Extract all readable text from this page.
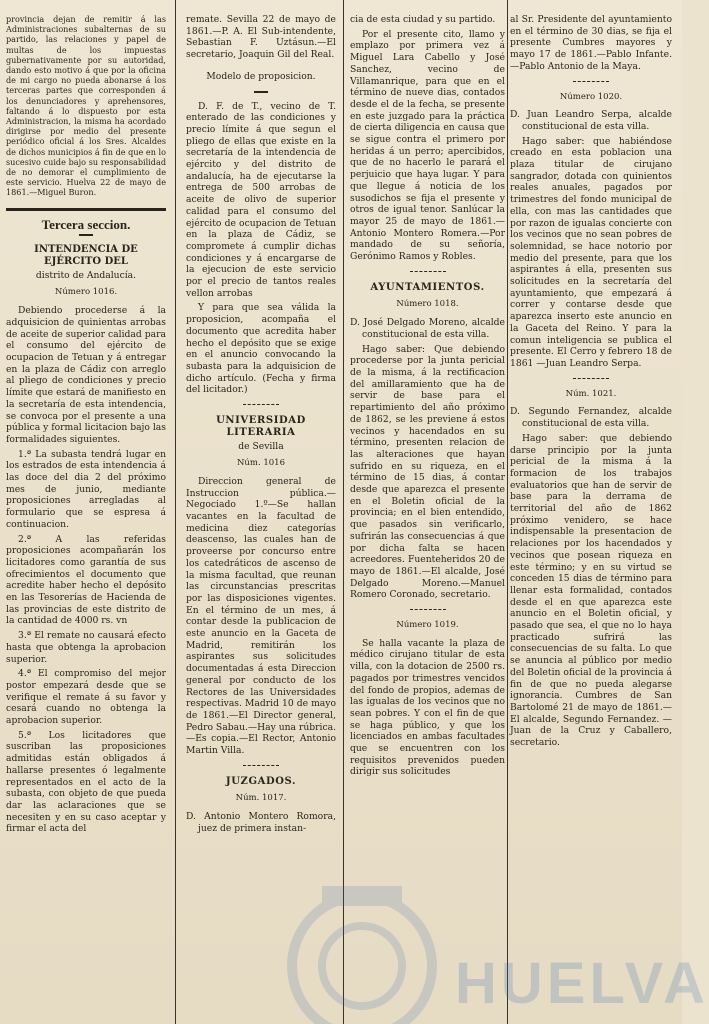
provincia dejan de remitir á las Administraciones subalternas de su partido, las relaciones y papel de multas de los impuestas gubernativamente por su autoridad, dando esto motivo á que por la oficina de mi cargo no pueda abonarse á los terceras partes que corresponden á los denunciadores y aprehensores, faltando á lo dispuesto por esta Administracion, la misma ha acordado dirigirse por medio del presente periódico oficial á los Sres. Alcaldes de dichos municipios á fin de que en lo sucesivo cuide bajo su responsabilidad de no demorar el cumplimiento de este servicio. Huelva 22 de mayo de 1861.—Miguel Buron.

Tercera seccion.
INTENDENCIA DE EJÉRCITO DEL
distrito de Andalucía.
Número 1016.

Debiendo procederse á la adquisicion de quinientas arrobas de aceite de superior calidad para el consumo del ejército de ocupacion de Tetuan y á entregar en la plaza de Cádiz con arreglo al pliego de condiciones y precio límite que estará de manifiesto en la secretaría de esta intendencia, se convoca por el presente a una pública y formal licitacion bajo las formalidades siguientes.

1.ª La subasta tendrá lugar en los estrados de esta intendencia á las doce del dia 2 del próximo mes de junio, mediante proposiciones arregladas al formulario que se espresa á continuacion.

2.ª A las referidas proposiciones acompañarán los licitadores como garantía de sus ofrecimientos el documento que acredite haber hecho el depósito en las Tesorerías de Hacienda de las provincias de este distrito de la cantidad de 4000 rs. vn

3.ª El remate no causará efecto hasta que obtenga la aprobacion superior.

4.ª El compromiso del mejor postor empezará desde que se verifique el remate á su favor y cesará cuando no obtenga la aprobacion superior.

5.ª Los licitadores que suscriban las proposiciones admitidas están obligados á hallarse presentes ó legalmente representados en el acto de la subasta, con objeto de que pueda dar las aclaraciones que se necesiten y en su caso aceptar y firmar el acta del

remate. Sevilla 22 de mayo de 1861.—P. A. El Sub-intendente, Sebastian F. Uztásun.—El secretario, Joaquin Gil del Real.

Modelo de proposicion.

D. F. de T., vecino de T. enterado de las condiciones y precio límite á que segun el pliego de ellas que existe en la secretaría de la intendencia de ejército y del distrito de andalucía, ha de ejecutarse la entrega de 500 arrobas de aceite de olivo de superior calidad para el consumo del ejército de ocupacion de Tetuan en la plaza de Cádiz, se compromete á cumplir dichas condiciones y á encargarse de la ejecucion de este servicio por el precio de tantos reales vellon arrobas

Y para que sea válida la proposicion, acompaña el documento que acredita haber hecho el depósito que se exige en el anuncio convocando la subasta para la adquisicion de dicho artículo. (Fecha y firma del licitador.)

UNIVERSIDAD LITERARIA
de Sevilla
Núm. 1016

Direccion general de Instruccion pública.—Negociado 1.º—Se hallan vacantes en la facultad de medicina diez categorías deascenso, las cuales han de proveerse por concurso entre los catedráticos de ascenso de la misma facultad, que reunan las circunstancias prescritas por las disposiciones vigentes. En el término de un mes, á contar desde la publicacion de este anuncio en la Gaceta de Madrid, remitirán los aspirantes sus solicitudes documentadas á esta Direccion general por conducto de los Rectores de las Universidades respectivas. Madrid 10 de mayo de 1861.—El Director general, Pedro Sabau.—Hay una rúbrica.—Es copia.—El Rector, Antonio Martin Villa.

JUZGADOS.
Núm. 1017.

D. Antonio Montero Romora, juez de primera instan-

cia de esta ciudad y su partido.

Por el presente cito, llamo y emplazo por primera vez á Miguel Lara Cabello y José Sanchez, vecino de Villamanrique, para que en el término de nueve dias, contados desde el de la fecha, se presente en este juzgado para la práctica de cierta diligencia en causa que se sigue contra el primero por heridas á un perro; apercibidos, que de no hacerlo le parará el perjuicio que haya lugar. Y para que llegue á noticia de los susodichos se fija el presente y otros de igual tenor. Sanlúcar la mayor 25 de mayo de 1861.—Antonio Montero Romera.—Por mandado de su señoría, Gerónimo Ramos y Robles.

AYUNTAMIENTOS.
Número 1018.

D. José Delgado Moreno, alcalde constitucional de esta villa.

Hago saber: Que debiendo procederse por la junta pericial de la misma, á la rectificacion del amillaramiento que ha de servir de base para el repartimiento del año próximo de 1862, se les previene á estos vecinos y hacendados en su término, presenten relacion de las alteraciones que hayan sufrido en su riqueza, en el término de 15 dias, á contar desde que aparezca el presente en el Boletin oficial de la provincia; en el bien entendido, que pasados sin verificarlo, sufrirán las consecuencias á que por dicha falta se hacen acreedores. Fuenteheridos 20 de mayo de 1861.—El alcalde, José Delgado Moreno.—Manuel Romero Coronado, secretario.

Número 1019.

Se halla vacante la plaza de médico cirujano titular de esta villa, con la dotacion de 2500 rs. pagados por trimestres vencidos del fondo de propios, ademas de las igualas de los vecinos que no sean pobres. Y con el fin de que se haga público, y que los licenciados en ambas facultades que se encuentren con los requisitos prevenidos pueden dirigir sus solicitudes

al Sr. Presidente del ayuntamiento en el término de 30 dias, se fija el presente Cumbres mayores y mayo 17 de 1861.—Pablo Infante.—Pablo Antonio de la Maya.

Número 1020.

D. Juan Leandro Serpa, alcalde constitucional de esta villa.

Hago saber: que habiéndose creado en esta poblacion una plaza titular de cirujano sangrador, dotada con quinientos reales anuales, pagados por trimestres del fondo municipal de ella, con mas las cantidades que por razon de igualas concierte con los vecinos que no sean pobres de solemnidad, se hace notorio por medio del presente, para que los aspirantes á ella, presenten sus solicitudes en la secretaría del ayuntamiento, que empezará á correr y contarse desde que aparezca inserto este anuncio en la Gaceta del Reino. Y para la comun inteligencia se publica el presente. El Cerro y febrero 18 de 1861 —Juan Leandro Serpa.

Núm. 1021.

D. Segundo Fernandez, alcalde constitucional de esta villa.

Hago saber: que debiendo darse principio por la junta pericial de la misma á la formacion de los trabajos evaluatorios que han de servir de base para la derrama de territorial del año de 1862 próximo venidero, se hace indispensable la presentacion de relaciones por los hacendados y vecinos que posean riqueza en este término; y en su virtud se conceden 15 dias de término para llenar esta formalidad, contados desde el en que aparezca este anuncio en el Boletin oficial, y pasado que sea, el que no lo haya practicado sufrirá las consecuencias de su falta. Lo que se anuncia al público por medio del Boletin oficial de la provincia á fin de que no pueda alegarse ignorancia. Cumbres de San Bartolomé 21 de mayo de 1861.—El alcalde, Segundo Fernandez. —Juan de la Cruz y Caballero, secretario.

HUELVA
